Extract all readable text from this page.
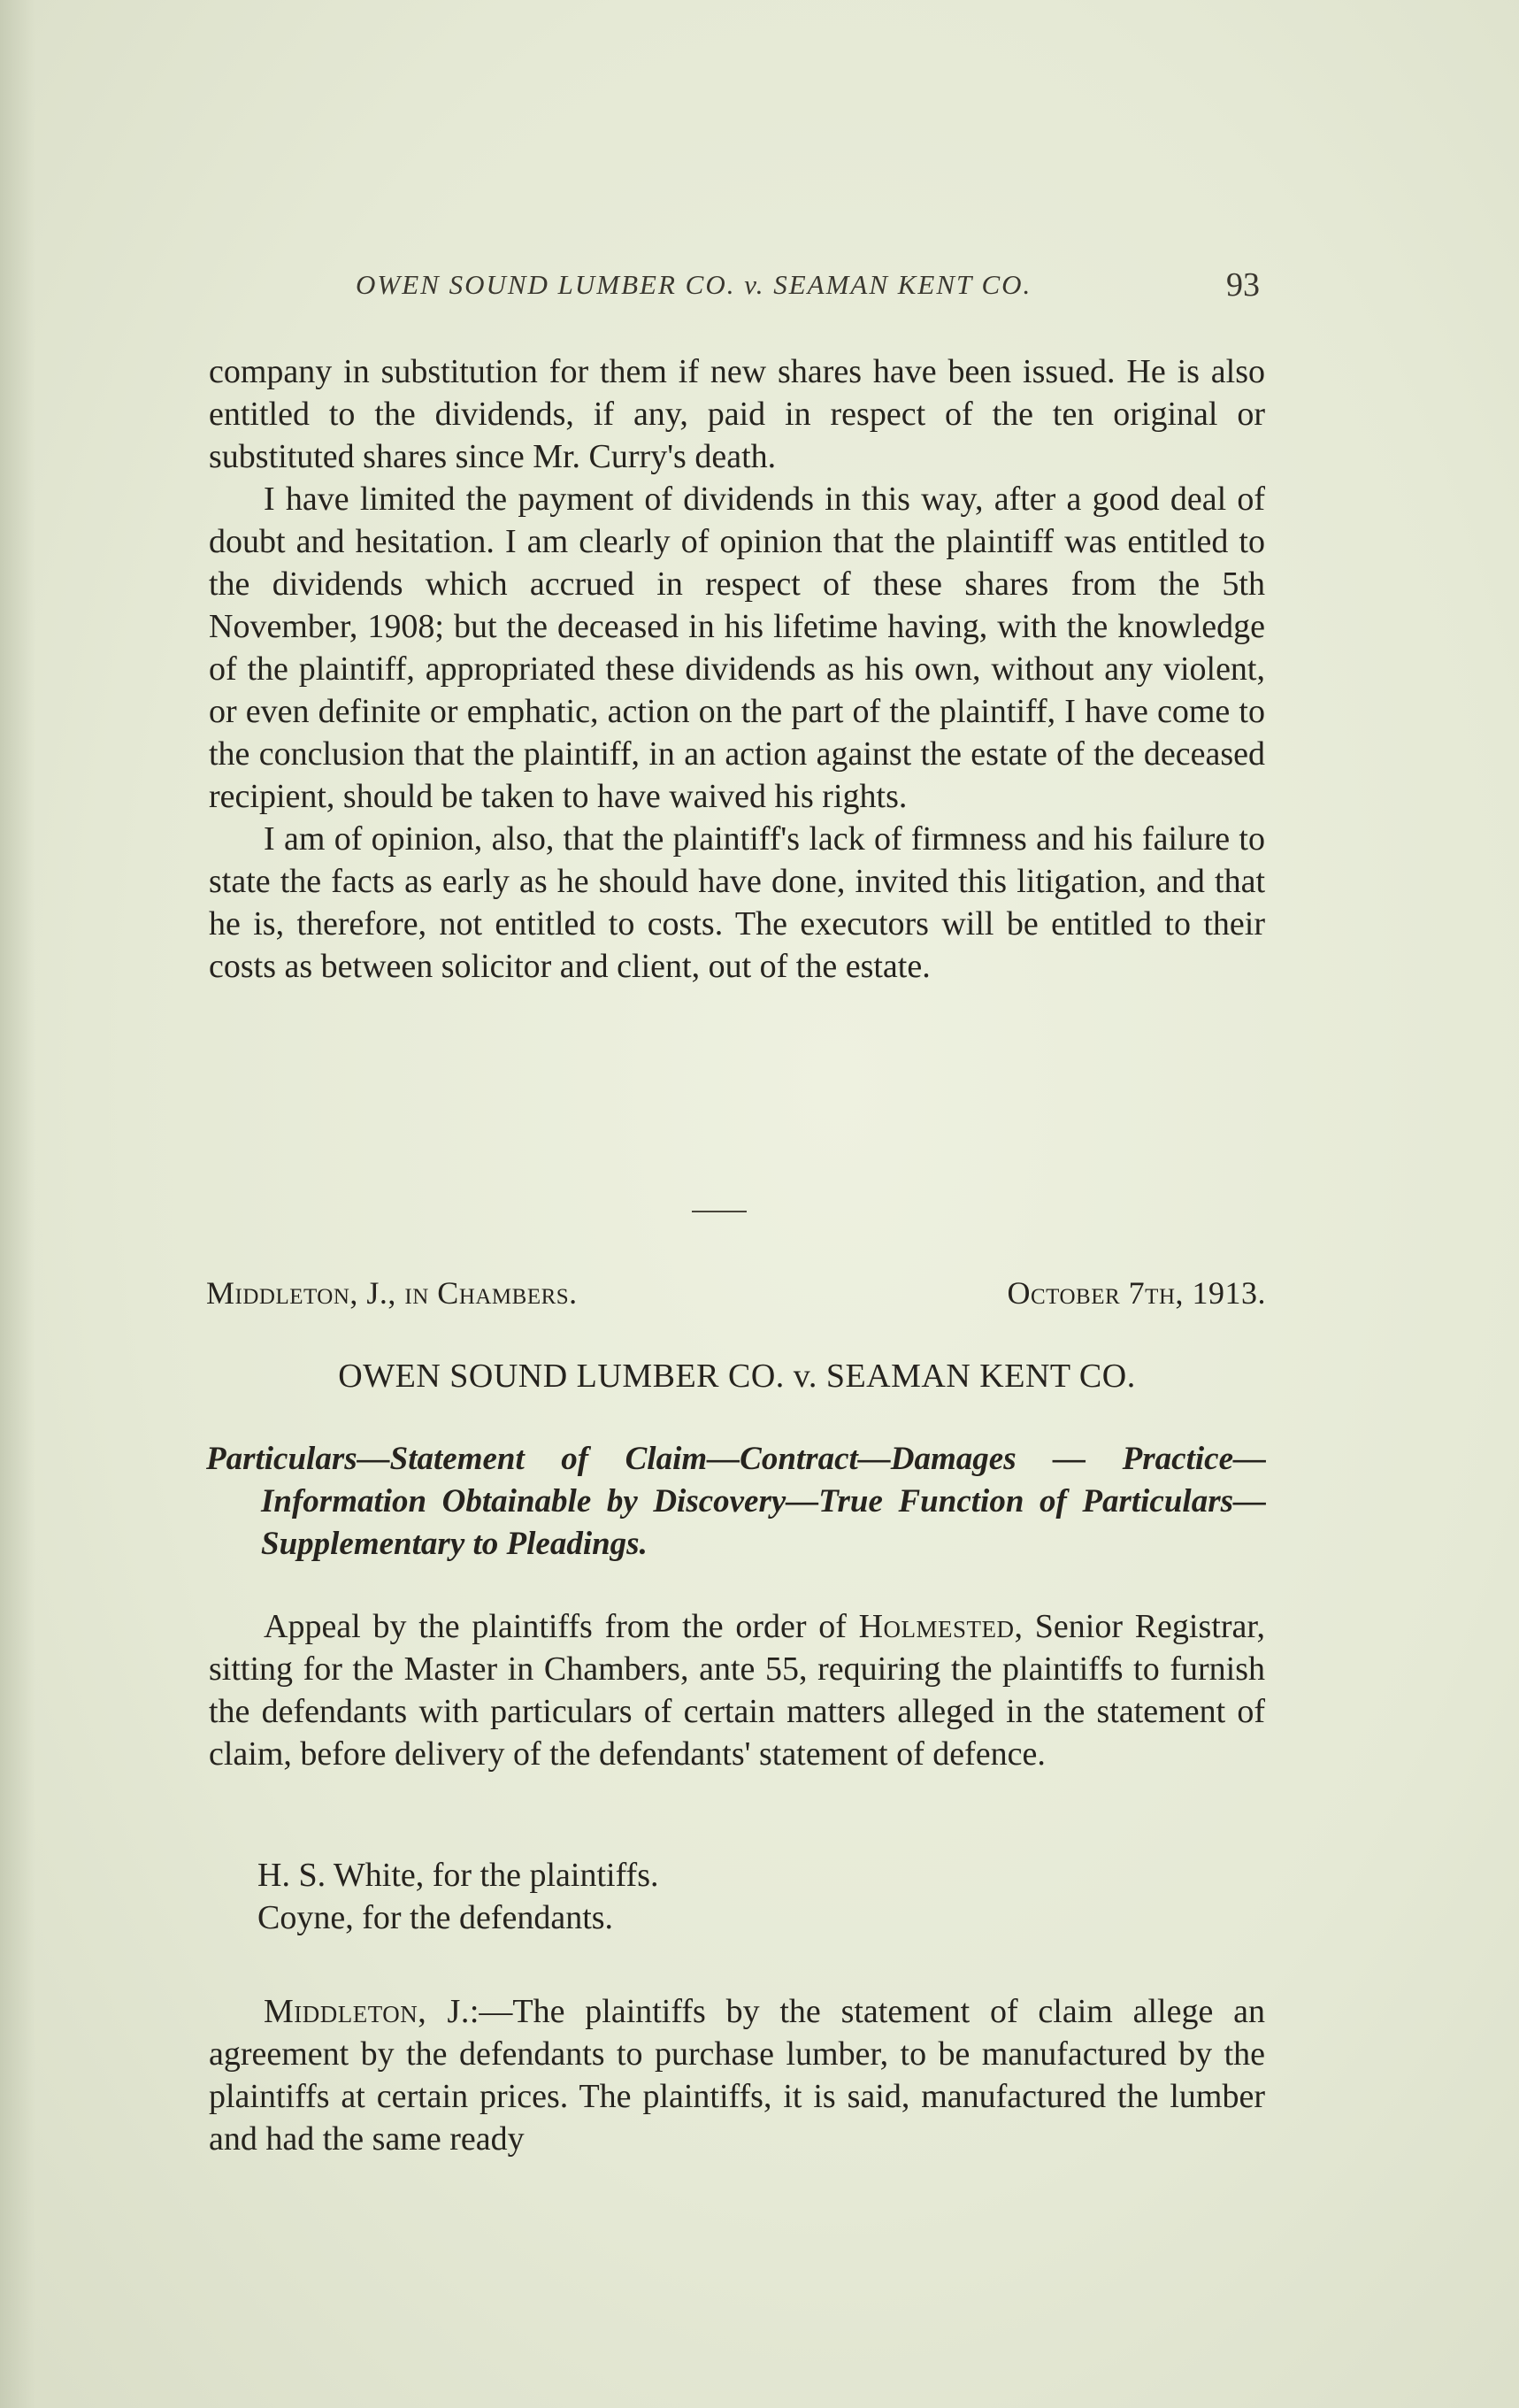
OWEN SOUND LUMBER CO. v. SEAMAN KENT CO.	93

company in substitution for them if new shares have been issued. He is also entitled to the dividends, if any, paid in respect of the ten original or substituted shares since Mr. Curry's death.

I have limited the payment of dividends in this way, after a good deal of doubt and hesitation. I am clearly of opinion that the plaintiff was entitled to the dividends which accrued in respect of these shares from the 5th November, 1908; but the deceased in his lifetime having, with the knowledge of the plaintiff, appropriated these dividends as his own, without any violent, or even definite or emphatic, action on the part of the plaintiff, I have come to the conclusion that the plaintiff, in an action against the estate of the deceased recipient, should be taken to have waived his rights.

I am of opinion, also, that the plaintiff's lack of firmness and his failure to state the facts as early as he should have done, invited this litigation, and that he is, therefore, not entitled to costs. The executors will be entitled to their costs as between solicitor and client, out of the estate.

Middleton, J., in Chambers.	October 7th, 1913.
OWEN SOUND LUMBER CO. v. SEAMAN KENT CO.
Particulars—Statement of Claim—Contract—Damages — Practice—Information Obtainable by Discovery—True Function of Particulars—Supplementary to Pleadings.

Appeal by the plaintiffs from the order of Holmested, Senior Registrar, sitting for the Master in Chambers, ante 55, requiring the plaintiffs to furnish the defendants with particulars of certain matters alleged in the statement of claim, before delivery of the defendants' statement of defence.

H. S. White, for the plaintiffs.

Coyne, for the defendants.

Middleton, J.:—The plaintiffs by the statement of claim allege an agreement by the defendants to purchase lumber, to be manufactured by the plaintiffs at certain prices. The plaintiffs, it is said, manufactured the lumber and had the same ready
